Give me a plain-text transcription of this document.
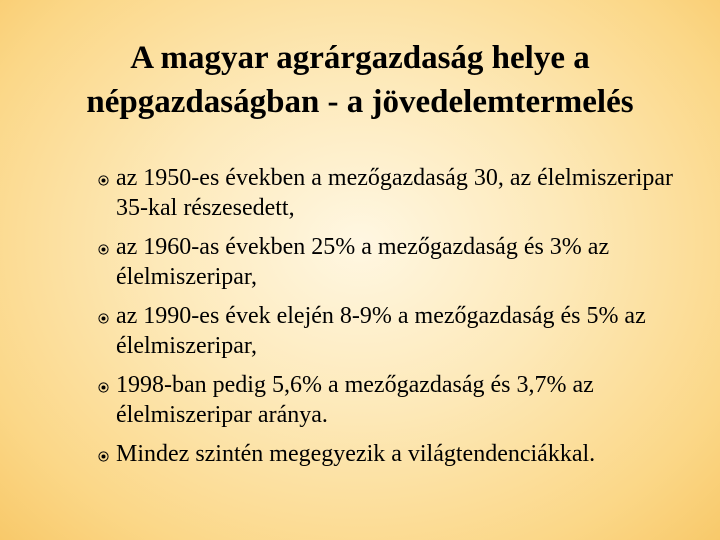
A magyar agrárgazdaság helye a
népgazdaságban - a jövedelemtermelés
az 1950-es években a mezőgazdaság 30, az élelmiszeripar 35-kal részesedett,
az 1960-as években 25% a mezőgazdaság és 3% az élelmiszeripar,
az 1990-es évek elején 8-9% a mezőgazdaság és 5% az élelmiszeripar,
1998-ban pedig 5,6% a mezőgazdaság és 3,7% az élelmiszeripar aránya.
Mindez szintén megegyezik a világtendenciákkal.
